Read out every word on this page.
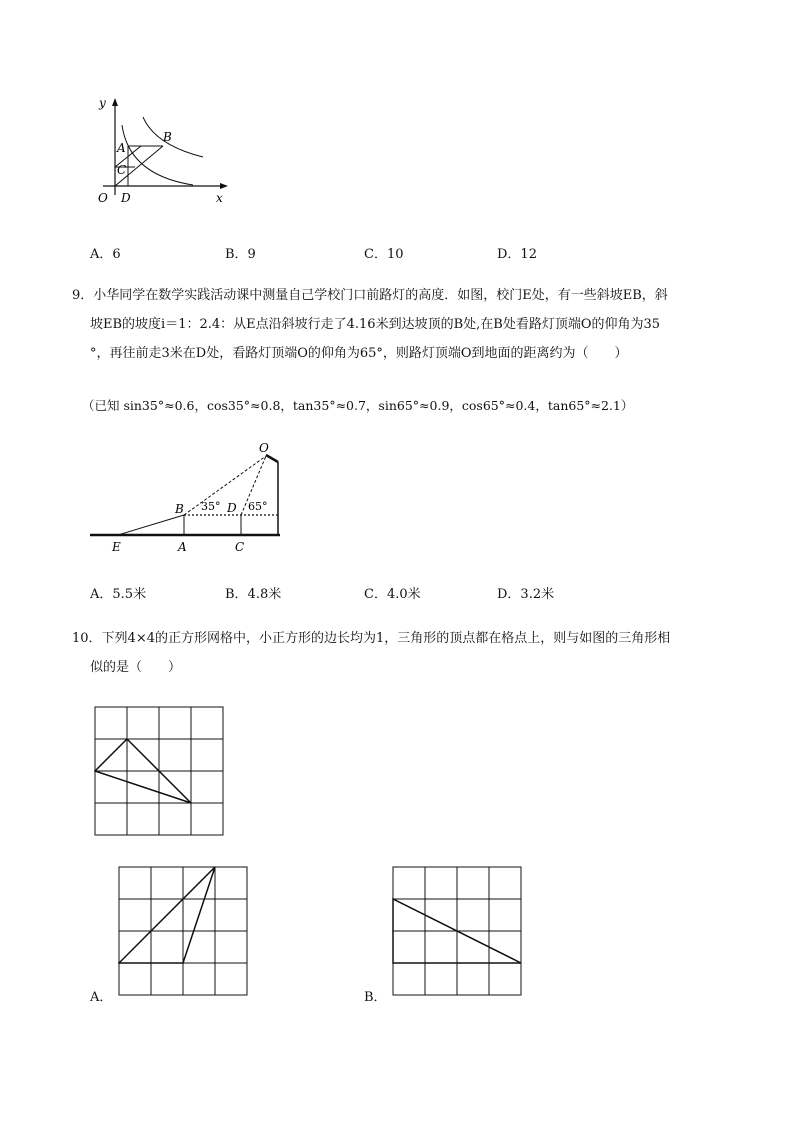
y
x
O
A
B
C
D
A．6	B．9	C．10	D．12
9．小华同学在数学实践活动课中测量自己学校门口前路灯的高度．如图，校门E处，有一些斜坡EB，斜
坡EB的坡度i＝1：2.4：从E点沿斜坡行走了4.16米到达坡顶的B处,在B处看路灯顶端O的仰角为35
°，再往前走3米在D处，看路灯顶端O的仰角为65°，则路灯顶端O到地面的距离约为（　　）
（已知 sin35°≈0.6，cos35°≈0.8，tan35°≈0.7，sin65°≈0.9，cos65°≈0.4，tan65°≈2.1）
O
B	D
E	A	C
35°	65°
A．5.5米	B．4.8米	C．4.0米	D．3.2米
10．下列4×4的正方形网格中，小正方形的边长均为1，三角形的顶点都在格点上，则与如图的三角形相
似的是（　　）
A．	B．
